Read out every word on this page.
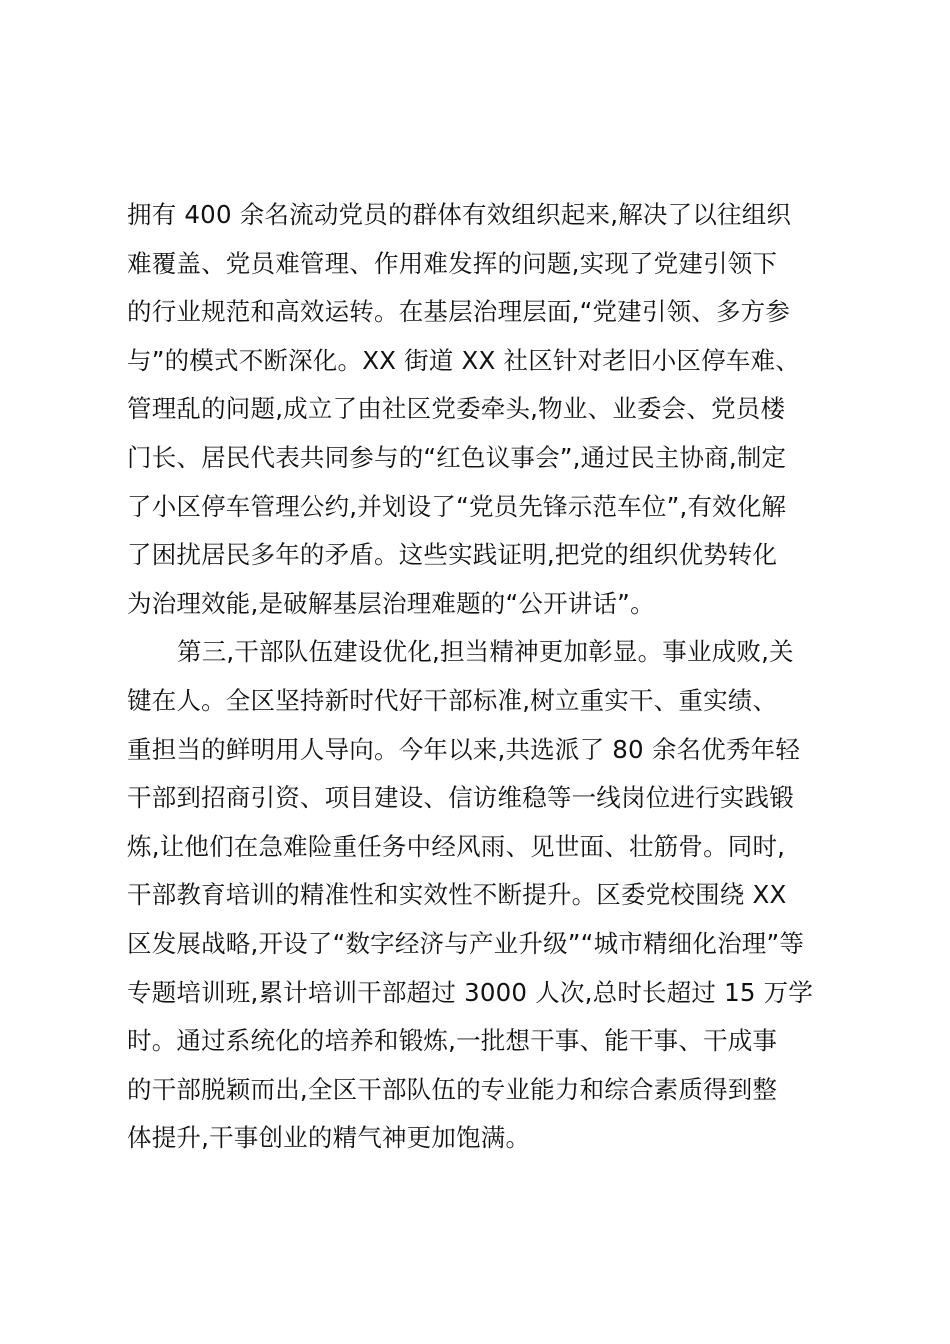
拥有 400 余名流动党员的群体有效组织起来,解决了以往组织
难覆盖、党员难管理、作用难发挥的问题,实现了党建引领下
的行业规范和高效运转。在基层治理层面,“党建引领、多方参
与”的模式不断深化。XX 街道 XX 社区针对老旧小区停车难、
管理乱的问题,成立了由社区党委牵头,物业、业委会、党员楼
门长、居民代表共同参与的“红色议事会”,通过民主协商,制定
了小区停车管理公约,并划设了“党员先锋示范车位”,有效化解
了困扰居民多年的矛盾。这些实践证明,把党的组织优势转化
为治理效能,是破解基层治理难题的“公开讲话”。
第三,干部队伍建设优化,担当精神更加彰显。事业成败,关
键在人。全区坚持新时代好干部标准,树立重实干、重实绩、
重担当的鲜明用人导向。今年以来,共选派了 80 余名优秀年轻
干部到招商引资、项目建设、信访维稳等一线岗位进行实践锻
炼,让他们在急难险重任务中经风雨、见世面、壮筋骨。同时,
干部教育培训的精准性和实效性不断提升。区委党校围绕 XX
区发展战略,开设了“数字经济与产业升级”“城市精细化治理”等
专题培训班,累计培训干部超过 3000 人次,总时长超过 15 万学
时。通过系统化的培养和锻炼,一批想干事、能干事、干成事
的干部脱颖而出,全区干部队伍的专业能力和综合素质得到整
体提升,干事创业的精气神更加饱满。
